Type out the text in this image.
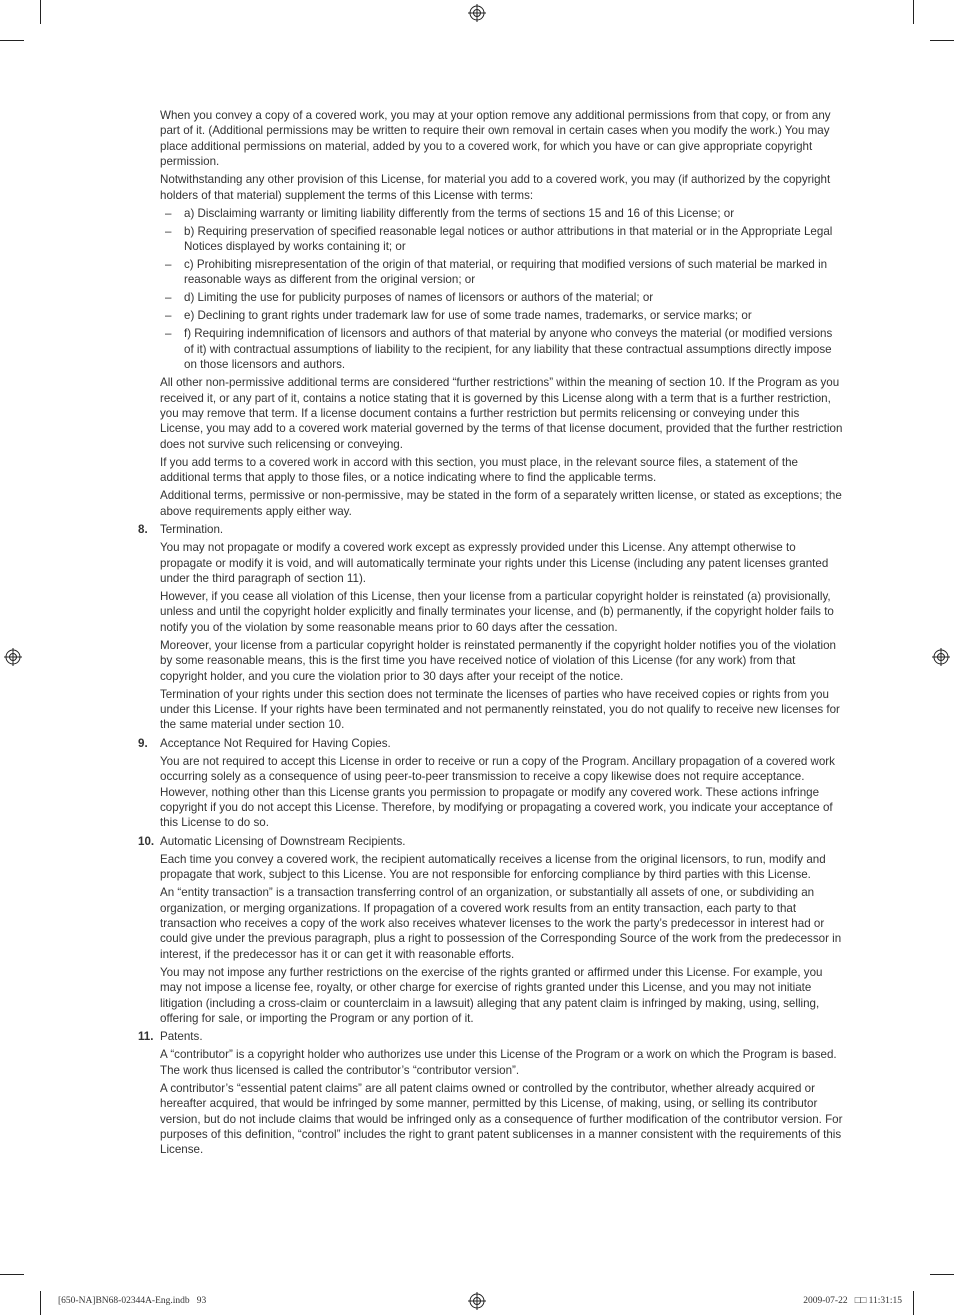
When you convey a copy of a covered work, you may at your option remove any additional permissions from that copy, or from any part of it. (Additional permissions may be written to require their own removal in certain cases when you modify the work.) You may place additional permissions on material, added by you to a covered work, for which you have or can give appropriate copyright permission.

Notwithstanding any other provision of this License, for material you add to a covered work, you may (if authorized by the copyright holders of that material) supplement the terms of this License with terms:

– a) Disclaiming warranty or limiting liability differently from the terms of sections 15 and 16 of this License; or
– b) Requiring preservation of specified reasonable legal notices or author attributions in that material or in the Appropriate Legal Notices displayed by works containing it; or
– c) Prohibiting misrepresentation of the origin of that material, or requiring that modified versions of such material be marked in reasonable ways as different from the original version; or
– d) Limiting the use for publicity purposes of names of licensors or authors of the material; or
– e) Declining to grant rights under trademark law for use of some trade names, trademarks, or service marks; or
– f) Requiring indemnification of licensors and authors of that material by anyone who conveys the material (or modified versions of it) with contractual assumptions of liability to the recipient, for any liability that these contractual assumptions directly impose on those licensors and authors.

All other non-permissive additional terms are considered “further restrictions” within the meaning of section 10. If the Program as you received it, or any part of it, contains a notice stating that it is governed by this License along with a term that is a further restriction, you may remove that term. If a license document contains a further restriction but permits relicensing or conveying under this License, you may add to a covered work material governed by the terms of that license document, provided that the further restriction does not survive such relicensing or conveying.

If you add terms to a covered work in accord with this section, you must place, in the relevant source files, a statement of the additional terms that apply to those files, or a notice indicating where to find the applicable terms.

Additional terms, permissive or non-permissive, may be stated in the form of a separately written license, or stated as exceptions; the above requirements apply either way.

8. Termination.

You may not propagate or modify a covered work except as expressly provided under this License. Any attempt otherwise to propagate or modify it is void, and will automatically terminate your rights under this License (including any patent licenses granted under the third paragraph of section 11).

However, if you cease all violation of this License, then your license from a particular copyright holder is reinstated (a) provisionally, unless and until the copyright holder explicitly and finally terminates your license, and (b) permanently, if the copyright holder fails to notify you of the violation by some reasonable means prior to 60 days after the cessation.

Moreover, your license from a particular copyright holder is reinstated permanently if the copyright holder notifies you of the violation by some reasonable means, this is the first time you have received notice of violation of this License (for any work) from that copyright holder, and you cure the violation prior to 30 days after your receipt of the notice.

Termination of your rights under this section does not terminate the licenses of parties who have received copies or rights from you under this License. If your rights have been terminated and not permanently reinstated, you do not qualify to receive new licenses for the same material under section 10.

9. Acceptance Not Required for Having Copies.

You are not required to accept this License in order to receive or run a copy of the Program. Ancillary propagation of a covered work occurring solely as a consequence of using peer-to-peer transmission to receive a copy likewise does not require acceptance. However, nothing other than this License grants you permission to propagate or modify any covered work. These actions infringe copyright if you do not accept this License. Therefore, by modifying or propagating a covered work, you indicate your acceptance of this License to do so.

10. Automatic Licensing of Downstream Recipients.

Each time you convey a covered work, the recipient automatically receives a license from the original licensors, to run, modify and propagate that work, subject to this License. You are not responsible for enforcing compliance by third parties with this License.

An “entity transaction” is a transaction transferring control of an organization, or substantially all assets of one, or subdividing an organization, or merging organizations. If propagation of a covered work results from an entity transaction, each party to that transaction who receives a copy of the work also receives whatever licenses to the work the party’s predecessor in interest had or could give under the previous paragraph, plus a right to possession of the Corresponding Source of the work from the predecessor in interest, if the predecessor has it or can get it with reasonable efforts.

You may not impose any further restrictions on the exercise of the rights granted or affirmed under this License. For example, you may not impose a license fee, royalty, or other charge for exercise of rights granted under this License, and you may not initiate litigation (including a cross-claim or counterclaim in a lawsuit) alleging that any patent claim is infringed by making, using, selling, offering for sale, or importing the Program or any portion of it.

11. Patents.

A “contributor” is a copyright holder who authorizes use under this License of the Program or a work on which the Program is based. The work thus licensed is called the contributor’s “contributor version”.

A contributor’s “essential patent claims” are all patent claims owned or controlled by the contributor, whether already acquired or hereafter acquired, that would be infringed by some manner, permitted by this License, of making, using, or selling its contributor version, but do not include claims that would be infringed only as a consequence of further modification of the contributor version. For purposes of this definition, “control” includes the right to grant patent sublicenses in a manner consistent with the requirements of this License.

[650-NA]BN68-02344A-Eng.indb   93	2009-07-22   □□ 11:31:15
